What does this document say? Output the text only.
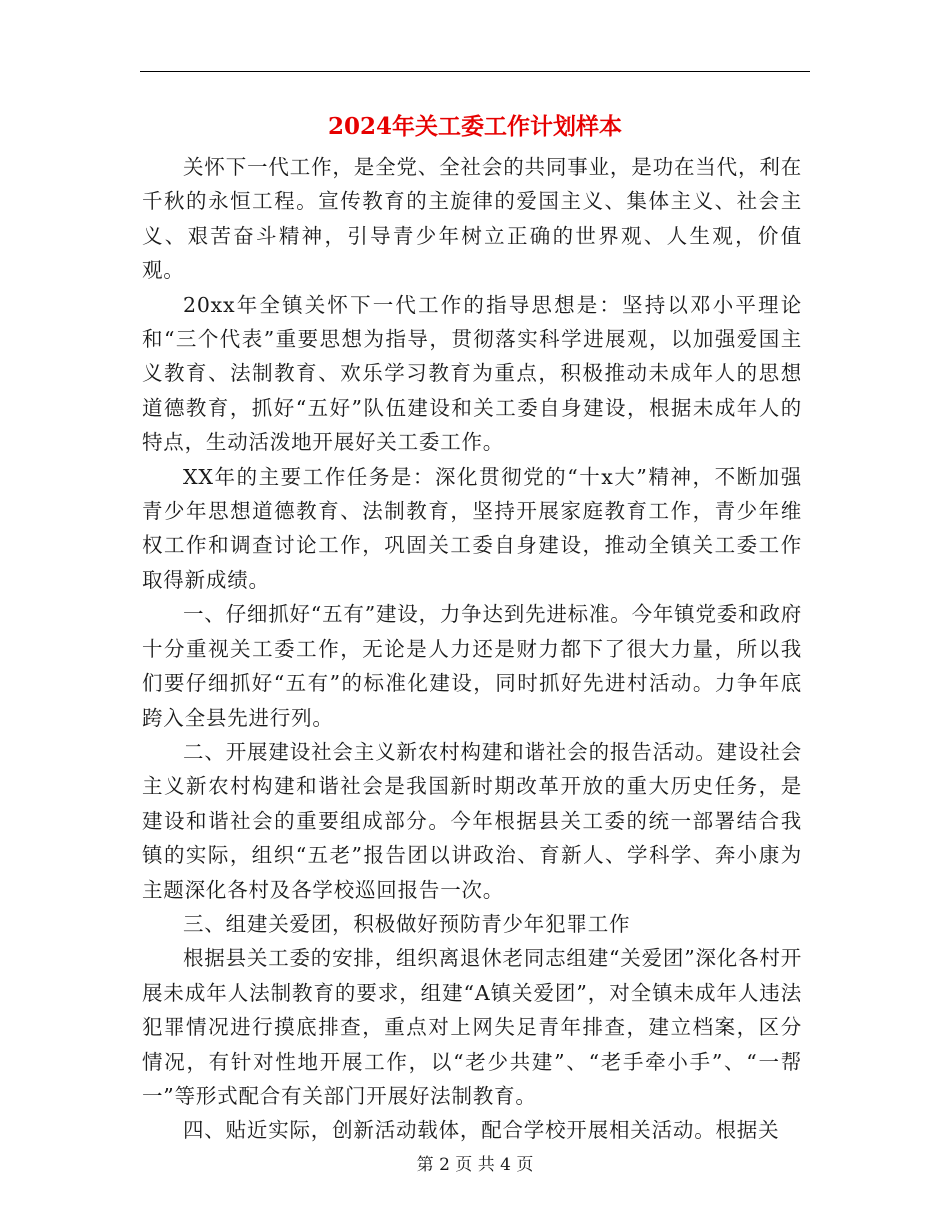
2024年关工委工作计划样本

关怀下一代工作，是全党、全社会的共同事业，是功在当代，利在千秋的永恒工程。宣传教育的主旋律的爱国主义、集体主义、社会主义、艰苦奋斗精神，引导青少年树立正确的世界观、人生观，价值观。

20xx年全镇关怀下一代工作的指导思想是：坚持以邓小平理论和“三个代表”重要思想为指导，贯彻落实科学进展观，以加强爱国主义教育、法制教育、欢乐学习教育为重点，积极推动未成年人的思想道德教育，抓好“五好”队伍建设和关工委自身建设，根据未成年人的特点，生动活泼地开展好关工委工作。

XX年的主要工作任务是：深化贯彻党的“十x大”精神，不断加强青少年思想道德教育、法制教育，坚持开展家庭教育工作，青少年维权工作和调查讨论工作，巩固关工委自身建设，推动全镇关工委工作取得新成绩。

一、仔细抓好“五有”建设，力争达到先进标准。今年镇党委和政府十分重视关工委工作，无论是人力还是财力都下了很大力量，所以我们要仔细抓好“五有”的标准化建设，同时抓好先进村活动。力争年底跨入全县先进行列。

二、开展建设社会主义新农村构建和谐社会的报告活动。建设社会主义新农村构建和谐社会是我国新时期改革开放的重大历史任务，是建设和谐社会的重要组成部分。今年根据县关工委的统一部署结合我镇的实际，组织“五老”报告团以讲政治、育新人、学科学、奔小康为主题深化各村及各学校巡回报告一次。

三、组建关爱团，积极做好预防青少年犯罪工作

根据县关工委的安排，组织离退休老同志组建“关爱团”深化各村开展未成年人法制教育的要求，组建“A镇关爱团”，对全镇未成年人违法犯罪情况进行摸底排查，重点对上网失足青年排查，建立档案，区分情况，有针对性地开展工作，以“老少共建”、“老手牵小手”、“一帮一”等形式配合有关部门开展好法制教育。

四、贴近实际，创新活动载体，配合学校开展相关活动。根据关

第 2 页 共 4 页
